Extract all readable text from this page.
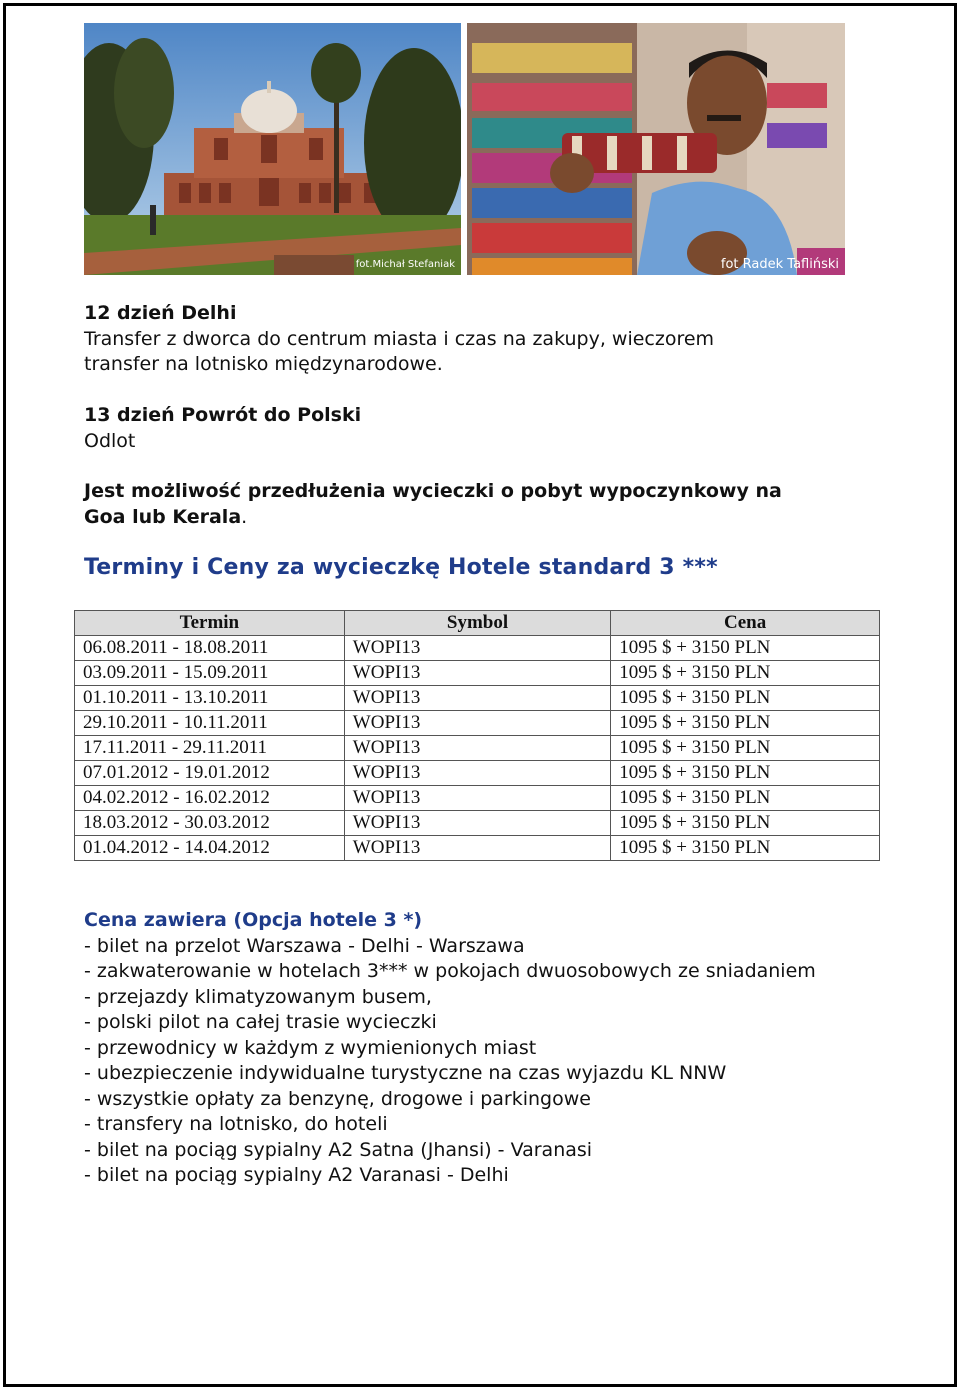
fot.Michał Stefaniak	fot Radek Tafliński
12 dzień Delhi
Transfer z dworca do centrum miasta i czas na zakupy, wieczorem
transfer na lotnisko międzynarodowe.
13 dzień Powrót do Polski
Odlot
Jest możliwość przedłużenia wycieczki o pobyt wypoczynkowy na
Goa lub Kerala.
Terminy i Ceny za wycieczkę Hotele standard 3 ***
Termin	Symbol	Cena
06.08.2011 - 18.08.2011	WOPI13	1095 $ + 3150 PLN
03.09.2011 - 15.09.2011	WOPI13	1095 $ + 3150 PLN
01.10.2011 - 13.10.2011	WOPI13	1095 $ + 3150 PLN
29.10.2011 - 10.11.2011	WOPI13	1095 $ + 3150 PLN
17.11.2011 - 29.11.2011	WOPI13	1095 $ + 3150 PLN
07.01.2012 - 19.01.2012	WOPI13	1095 $ + 3150 PLN
04.02.2012 - 16.02.2012	WOPI13	1095 $ + 3150 PLN
18.03.2012 - 30.03.2012	WOPI13	1095 $ + 3150 PLN
01.04.2012 - 14.04.2012	WOPI13	1095 $ + 3150 PLN
Cena zawiera (Opcja hotele 3 *)
- bilet na przelot Warszawa - Delhi - Warszawa
- zakwaterowanie w hotelach 3*** w pokojach dwuosobowych ze sniadaniem
- przejazdy klimatyzowanym busem,
- polski pilot na całej trasie wycieczki
- przewodnicy w każdym z wymienionych miast
- ubezpieczenie indywidualne turystyczne na czas wyjazdu KL NNW
- wszystkie opłaty za benzynę, drogowe i parkingowe
- transfery na lotnisko, do hoteli
- bilet na pociąg sypialny A2 Satna (Jhansi) - Varanasi
- bilet na pociąg sypialny A2 Varanasi - Delhi
